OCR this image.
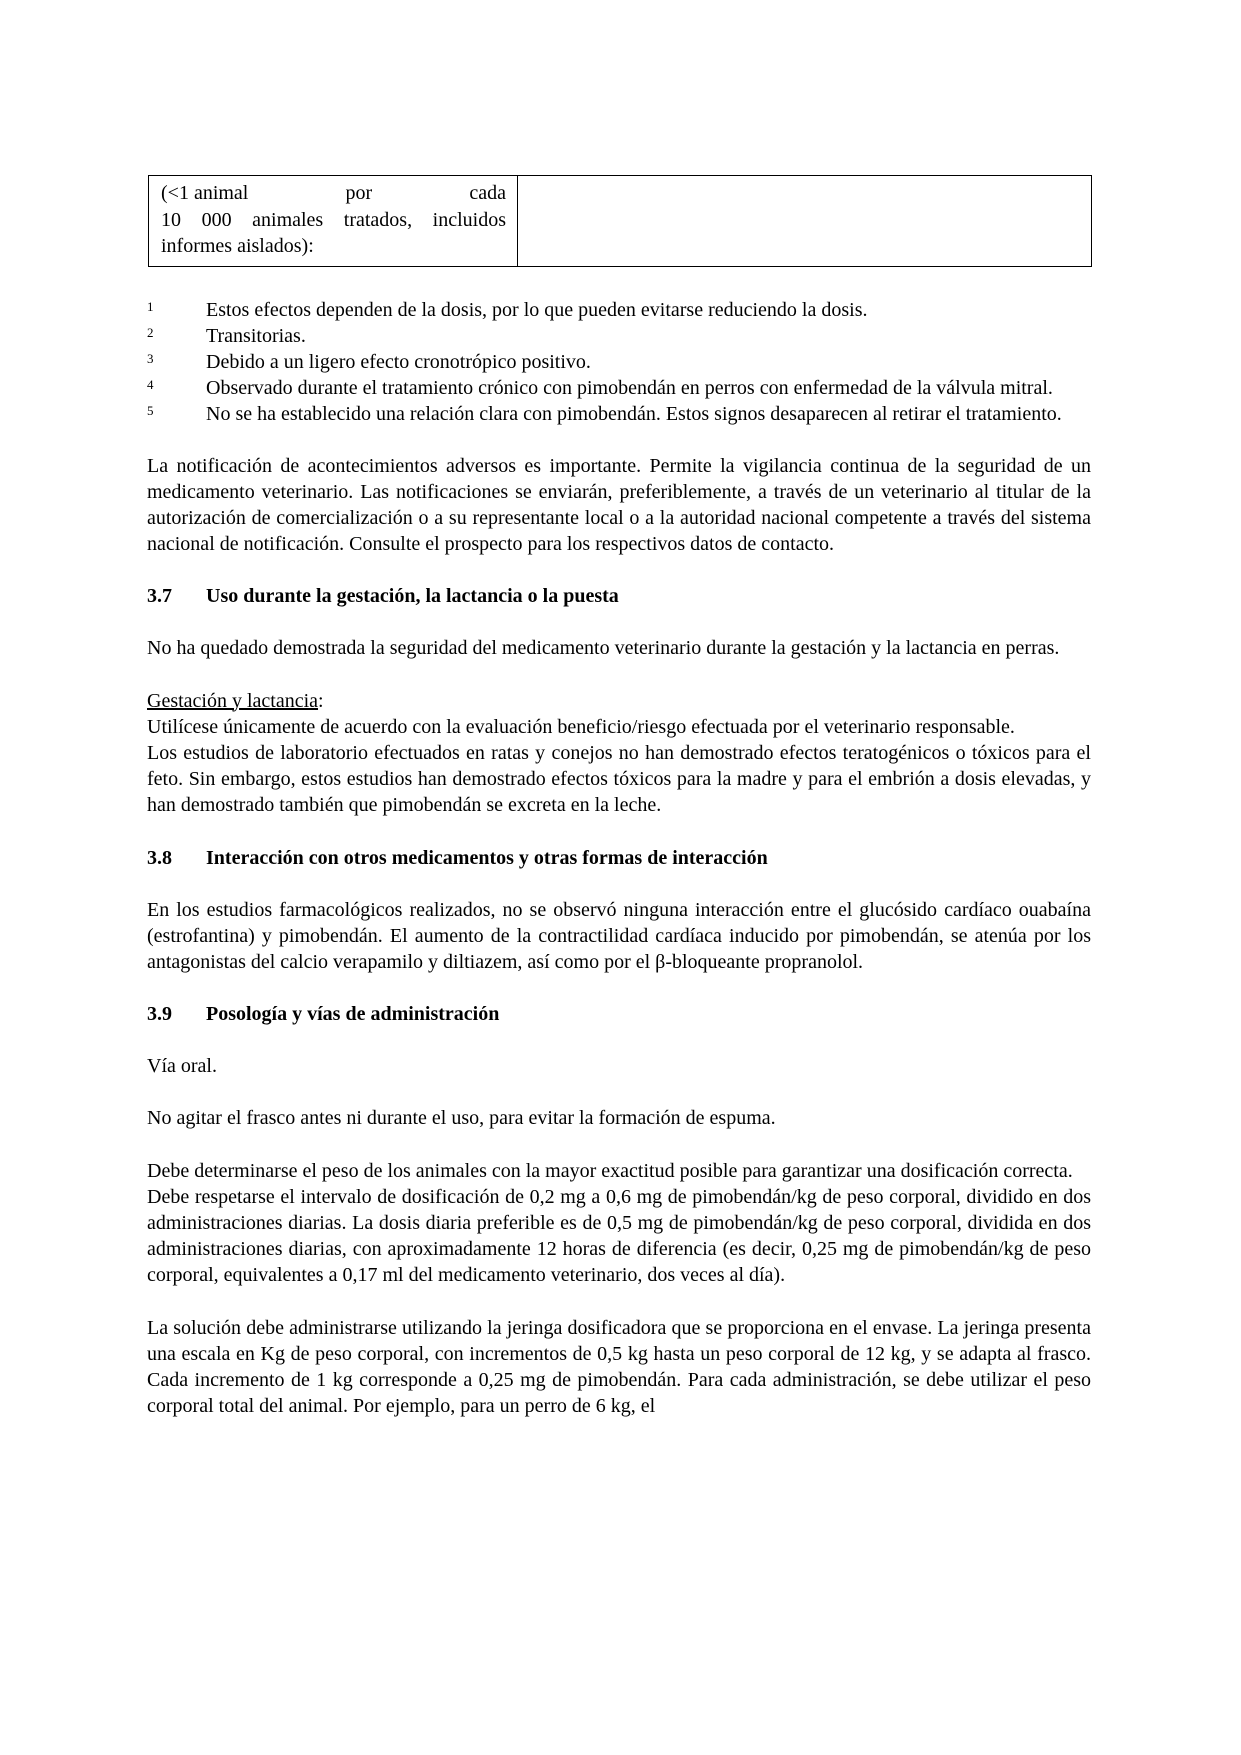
(<1 animal	por	cada
10 000 animales tratados, incluidos
informes aislados):

1	Estos efectos dependen de la dosis, por lo que pueden evitarse reduciendo la dosis.
2	Transitorias.
3	Debido a un ligero efecto cronotrópico positivo.
4	Observado durante el tratamiento crónico con pimobendán en perros con enfermedad de la válvula mitral.
5	No se ha establecido una relación clara con pimobendán. Estos signos desaparecen al retirar el tratamiento.

La notificación de acontecimientos adversos es importante. Permite la vigilancia continua de la seguridad de un medicamento veterinario. Las notificaciones se enviarán, preferiblemente, a través de un veterinario al titular de la autorización de comercialización o a su representante local o a la autoridad nacional competente a través del sistema nacional de notificación. Consulte el prospecto para los respectivos datos de contacto.

3.7	Uso durante la gestación, la lactancia o la puesta

No ha quedado demostrada la seguridad del medicamento veterinario durante la gestación y la lactancia en perras.

Gestación y lactancia:

Utilícese únicamente de acuerdo con la evaluación beneficio/riesgo efectuada por el veterinario responsable.

Los estudios de laboratorio efectuados en ratas y conejos no han demostrado efectos teratogénicos o tóxicos para el feto. Sin embargo, estos estudios han demostrado efectos tóxicos para la madre y para el embrión a dosis elevadas, y han demostrado también que pimobendán se excreta en la leche.

3.8	Interacción con otros medicamentos y otras formas de interacción

En los estudios farmacológicos realizados, no se observó ninguna interacción entre el glucósido cardíaco ouabaína (estrofantina) y pimobendán. El aumento de la contractilidad cardíaca inducido por pimobendán, se atenúa por los antagonistas del calcio verapamilo y diltiazem, así como por el β-bloqueante propranolol.

3.9	Posología y vías de administración

Vía oral.

No agitar el frasco antes ni durante el uso, para evitar la formación de espuma.

Debe determinarse el peso de los animales con la mayor exactitud posible para garantizar una dosificación correcta.

Debe respetarse el intervalo de dosificación de 0,2 mg a 0,6 mg de pimobendán/kg de peso corporal, dividido en dos administraciones diarias. La dosis diaria preferible es de 0,5 mg de pimobendán/kg de peso corporal, dividida en dos administraciones diarias, con aproximadamente 12 horas de diferencia (es decir, 0,25 mg de pimobendán/kg de peso corporal, equivalentes a 0,17 ml del medicamento veterinario, dos veces al día).

La solución debe administrarse utilizando la jeringa dosificadora que se proporciona en el envase. La jeringa presenta una escala en Kg de peso corporal, con incrementos de 0,5 kg hasta un peso corporal de 12 kg, y se adapta al frasco. Cada incremento de 1 kg corresponde a 0,25 mg de pimobendán. Para cada administración, se debe utilizar el peso corporal total del animal. Por ejemplo, para un perro de 6 kg, el
